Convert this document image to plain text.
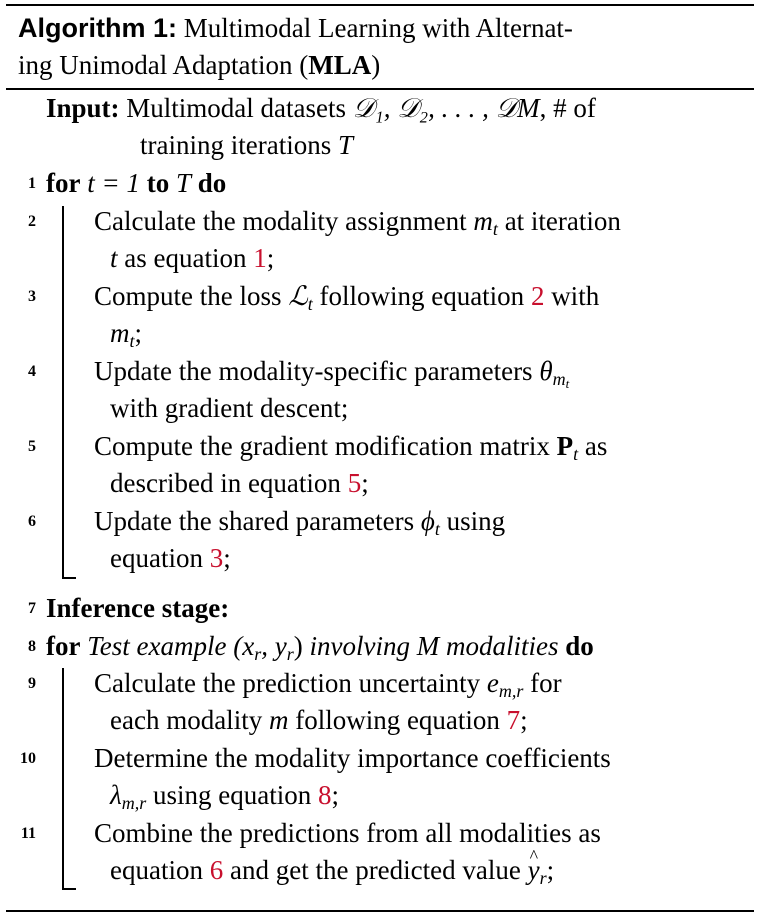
Algorithm 1: Multimodal Learning with Alternat-
ing Unimodal Adaptation (MLA)
Input: Multimodal datasets 𝒟₁, 𝒟₂, . . . , 𝒟M, # of
training iterations T
1 for t = 1 to T do
2 Calculate the modality assignment $m_t$ at iteration
t as equation 1;
3 Compute the loss ℒ$_t$ following equation 2 with
$m_t$;
4 Update the modality-specific parameters $\theta_{m_t}$
with gradient descent;
5 Compute the gradient modification matrix $P_t$ as
described in equation 5;
6 Update the shared parameters $\phi_t$ using
equation 3;
7 Inference stage:
8 for Test example ($x_r$, $y_r$) involving M modalities do
9 Calculate the prediction uncertainty $e_{m,r}$ for
each modality m following equation 7;
10 Determine the modality importance coefficients
$\lambda_{m,r}$ using equation 8;
11 Combine the predictions from all modalities as
equation 6 and get the predicted value ^ $y_r$;
